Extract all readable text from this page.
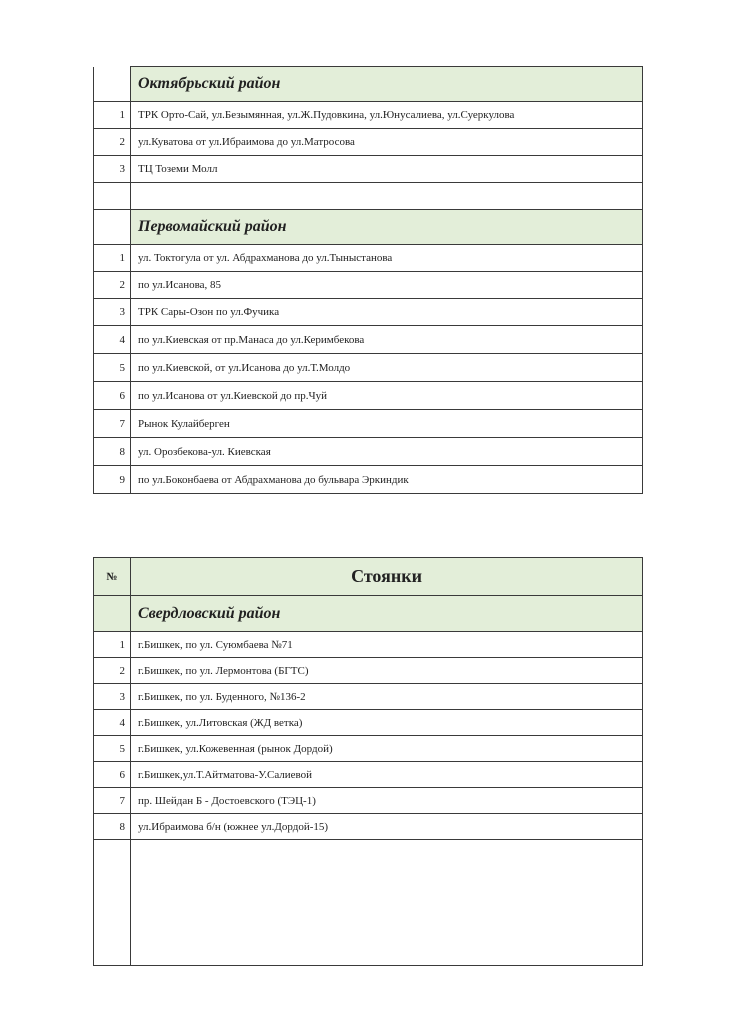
	Октябрьский район
1	ТРК Орто-Сай, ул.Безымянная, ул.Ж.Пудовкина, ул.Юнусалиева, ул.Суеркулова
2	ул.Куватова от ул.Ибраимова до ул.Матросова
3	ТЦ Тоземи Молл

	Первомайский район
1	ул. Токтогула от ул. Абдрахманова до ул.Тыныстанова
2	по ул.Исанова, 85
3	ТРК Сары-Озон по ул.Фучика
4	по ул.Киевская от пр.Манаса до ул.Керимбекова
5	по ул.Киевской, от ул.Исанова до ул.Т.Молдо
6	по ул.Исанова от ул.Киевской до пр.Чуй
7	Рынок Кулайберген
8	ул. Орозбекова-ул. Киевская
9	по ул.Боконбаева от Абдрахманова до бульвара Эркиндик
№	Стоянки
	Свердловский район
1	г.Бишкек, по ул. Суюмбаева №71
2	г.Бишкек, по ул. Лермонтова (БГТС)
3	г.Бишкек, по ул. Буденного, №136-2
4	г.Бишкек, ул.Литовская (ЖД ветка)
5	г.Бишкек, ул.Кожевенная (рынок Дордой)
6	г.Бишкек,ул.Т.Айтматова-У.Салиевой
7	пр. Шейдан Б - Достоевского (ТЭЦ-1)
8	ул.Ибраимова б/н (южнее ул.Дордой-15)
